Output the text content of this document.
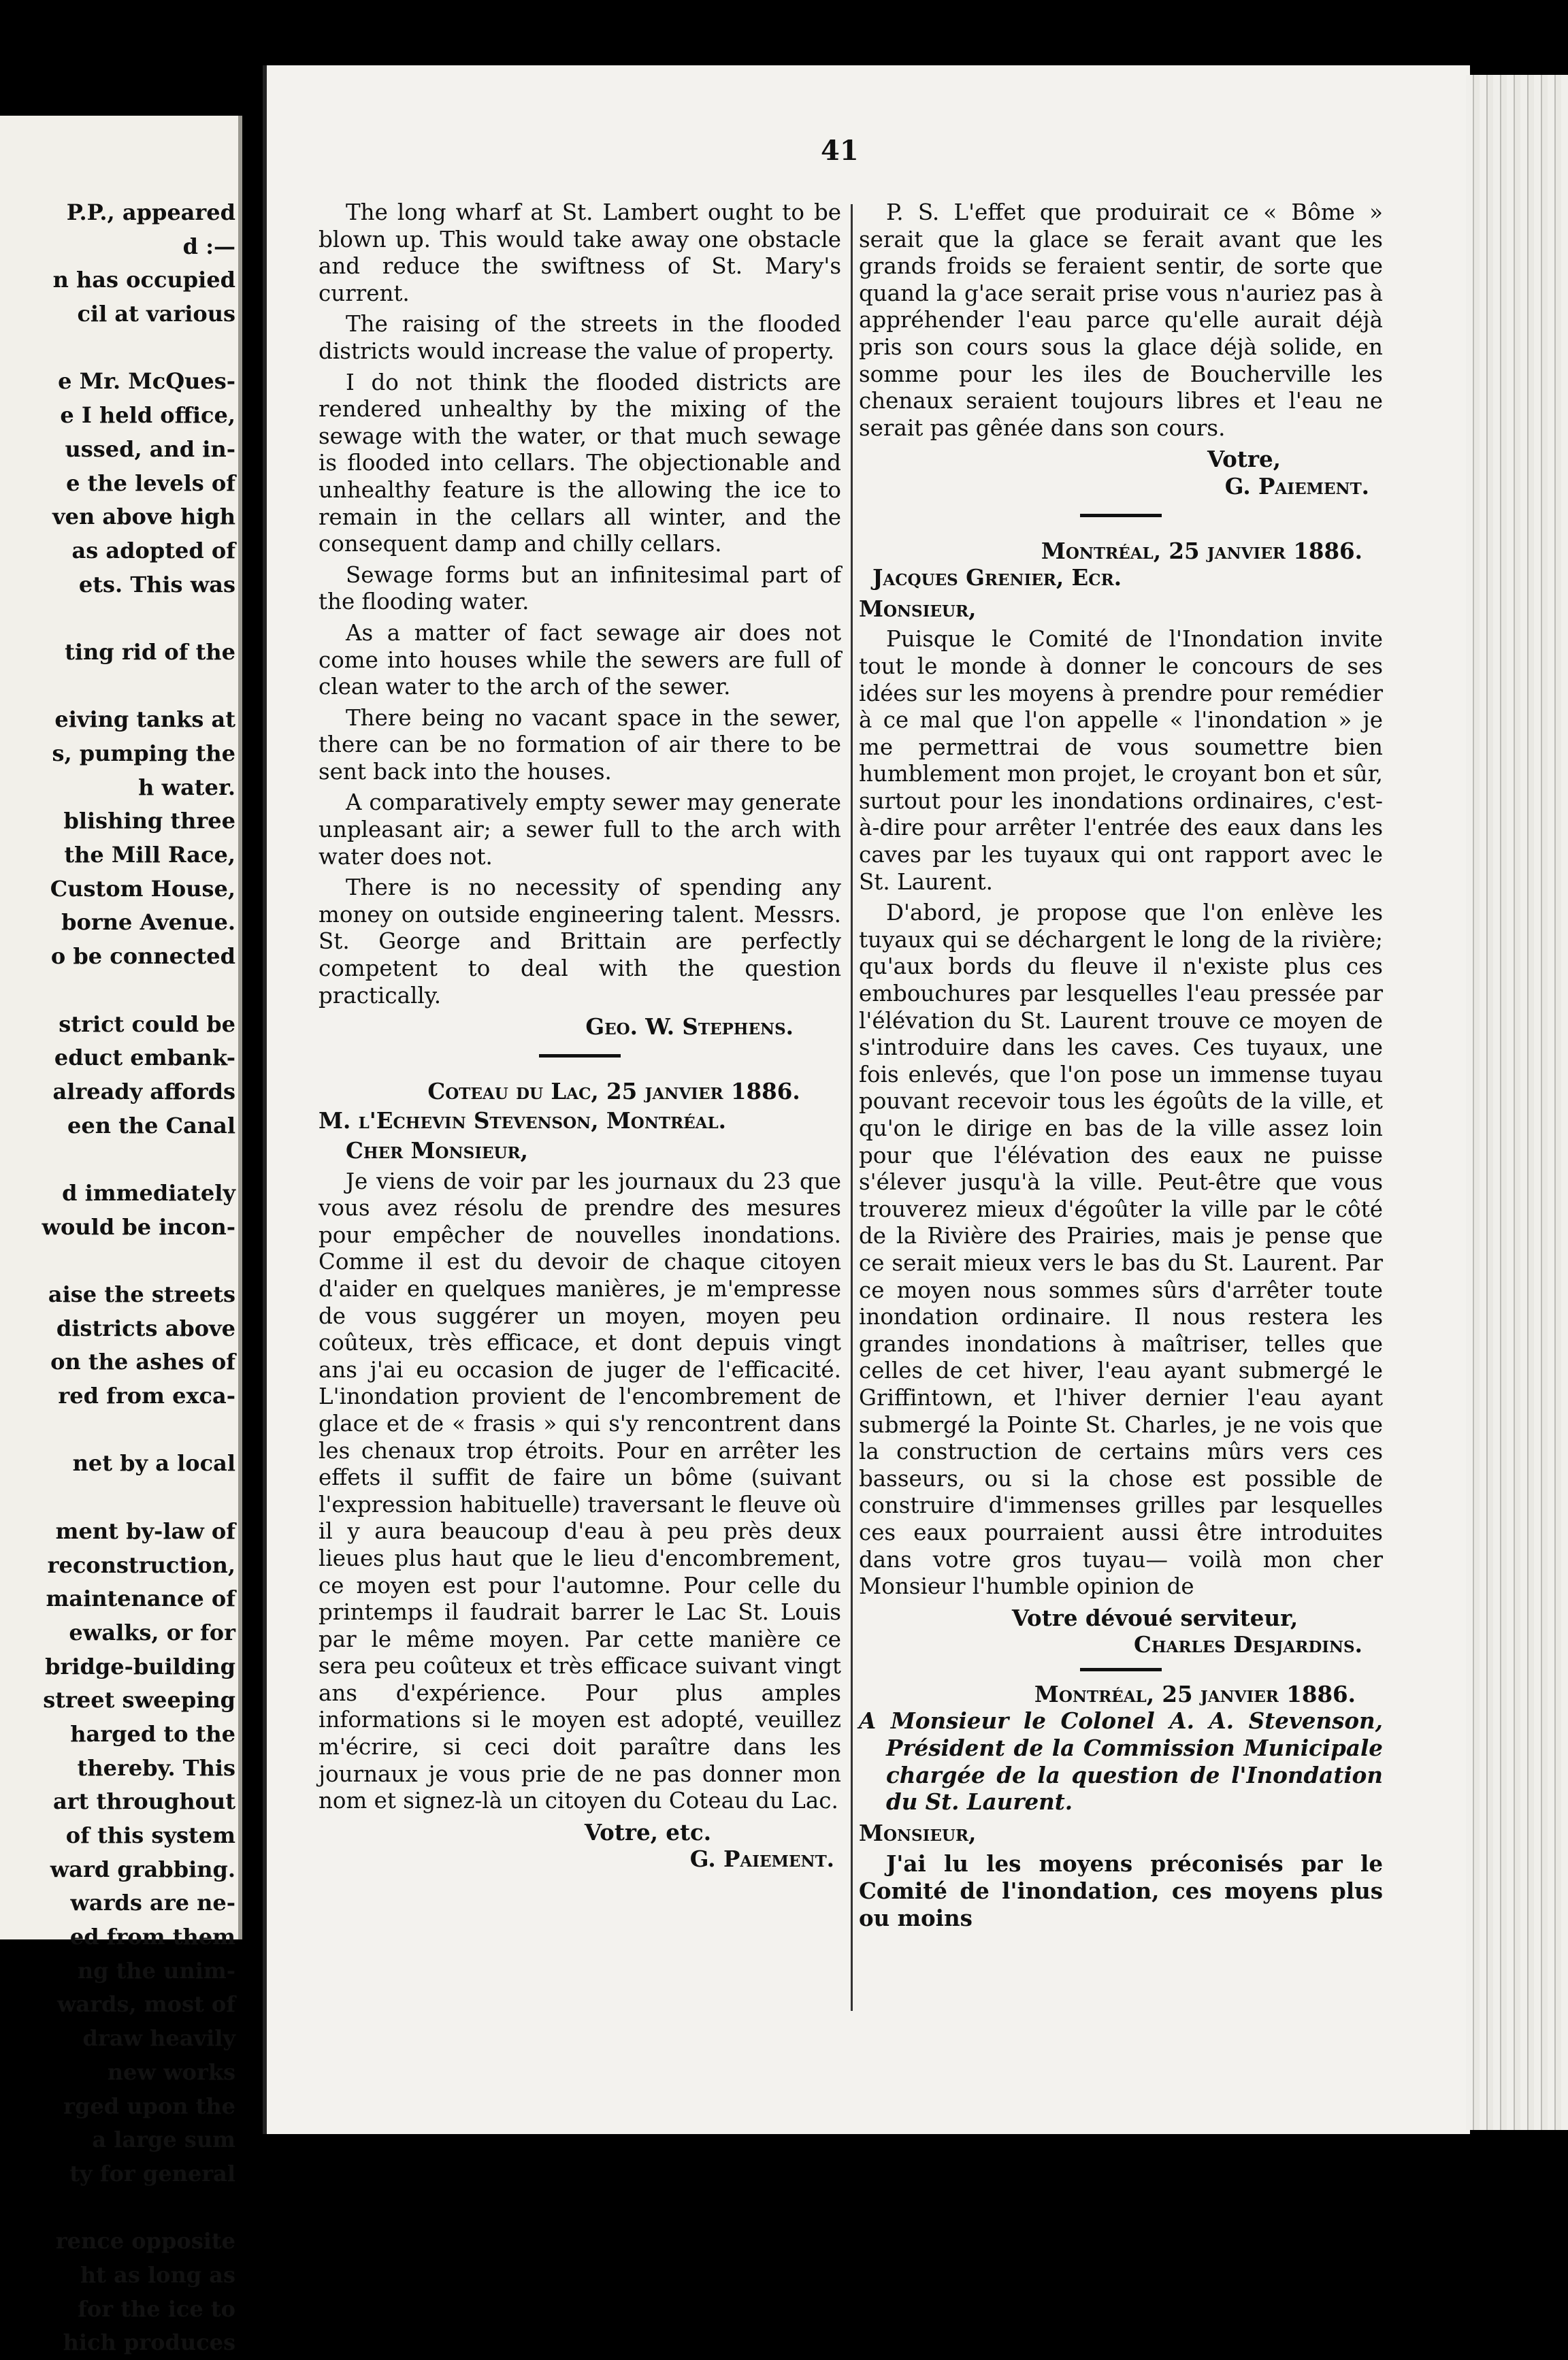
P.P., appeared
d :—
n has occupied
cil at various
e Mr. McQues-
e I held office,
ussed, and in-
e the levels of
ven above high
as adopted of
ets. This was
ting rid of the
eiving tanks at
s, pumping the
h water.
blishing three
the Mill Race,
Custom House,
borne Avenue.
o be connected
strict could be
educt embank-
already affords
een the Canal
d immediately
would be incon-
aise the streets
districts above
on the ashes of
red from exca-
net by a local
ment by-law of
reconstruction,
maintenance of
ewalks, or for
bridge-building
street sweeping
harged to the
thereby. This
art throughout
of this system
ward grabbing.
wards are ne-
ed from them
ng the unim-
wards, most of
draw heavily
new works
rged upon the
a large sum
ty for general
rence opposite
ht as long as
for the ice to
hich produces
41

The long wharf at St. Lambert ought to be blown up. This would take away one obstacle and reduce the swiftness of St. Mary's current.

The raising of the streets in the flooded districts would increase the value of property.

I do not think the flooded districts are rendered unhealthy by the mixing of the sewage with the water, or that much sewage is flooded into cellars. The objectionable and unhealthy feature is the allowing the ice to remain in the cellars all winter, and the consequent damp and chilly cellars.

Sewage forms but an infinitesimal part of the flooding water.

As a matter of fact sewage air does not come into houses while the sewers are full of clean water to the arch of the sewer.

There being no vacant space in the sewer, there can be no formation of air there to be sent back into the houses.

A comparatively empty sewer may generate unpleasant air; a sewer full to the arch with water does not.

There is no necessity of spending any money on outside engineering talent. Messrs. St. George and Brittain are perfectly competent to deal with the question practically.

Geo. W. Stephens.

Coteau du Lac, 25 janvier 1886.

M. l'Echevin Stevenson, Montréal.

Cher Monsieur,

Je viens de voir par les journaux du 23 que vous avez résolu de prendre des mesures pour empêcher de nouvelles inondations. Comme il est du devoir de chaque citoyen d'aider en quelques manières, je m'empresse de vous suggérer un moyen, moyen peu coûteux, très efficace, et dont depuis vingt ans j'ai eu occasion de juger de l'efficacité. L'inondation provient de l'encombrement de glace et de « frasis » qui s'y rencontrent dans les chenaux trop étroits. Pour en arrêter les effets il suffit de faire un bôme (suivant l'expression habituelle) traversant le fleuve où il y aura beaucoup d'eau à peu près deux lieues plus haut que le lieu d'encombrement, ce moyen est pour l'automne. Pour celle du printemps il faudrait barrer le Lac St. Louis par le même moyen. Par cette manière ce sera peu coûteux et très efficace suivant vingt ans d'expérience. Pour plus amples informations si le moyen est adopté, veuillez m'écrire, si ceci doit paraître dans les journaux je vous prie de ne pas donner mon nom et signez-là un citoyen du Coteau du Lac.

Votre, etc.

G. Paiement.

P. S. L'effet que produirait ce « Bôme » serait que la glace se ferait avant que les grands froids se feraient sentir, de sorte que quand la g'ace serait prise vous n'auriez pas à appréhender l'eau parce qu'elle aurait déjà pris son cours sous la glace déjà solide, en somme pour les iles de Boucherville les chenaux seraient toujours libres et l'eau ne serait pas gênée dans son cours.

Votre,

G. Paiement.

Montréal, 25 janvier 1886.

Jacques Grenier, Ecr.

Monsieur,

Puisque le Comité de l'Inondation invite tout le monde à donner le concours de ses idées sur les moyens à prendre pour remédier à ce mal que l'on appelle « l'inondation » je me permettrai de vous soumettre bien humblement mon projet, le croyant bon et sûr, surtout pour les inondations ordinaires, c'est-à-dire pour arrêter l'entrée des eaux dans les caves par les tuyaux qui ont rapport avec le St. Laurent.

D'abord, je propose que l'on enlève les tuyaux qui se déchargent le long de la rivière; qu'aux bords du fleuve il n'existe plus ces embouchures par lesquelles l'eau pressée par l'élévation du St. Laurent trouve ce moyen de s'introduire dans les caves. Ces tuyaux, une fois enlevés, que l'on pose un immense tuyau pouvant recevoir tous les égoûts de la ville, et qu'on le dirige en bas de la ville assez loin pour que l'élévation des eaux ne puisse s'élever jusqu'à la ville. Peut-être que vous trouverez mieux d'égoûter la ville par le côté de la Rivière des Prairies, mais je pense que ce serait mieux vers le bas du St. Laurent. Par ce moyen nous sommes sûrs d'arrêter toute inondation ordinaire. Il nous restera les grandes inondations à maîtriser, telles que celles de cet hiver, l'eau ayant submergé le Griffintown, et l'hiver dernier l'eau ayant submergé la Pointe St. Charles, je ne vois que la construction de certains mûrs vers ces basseurs, ou si la chose est possible de construire d'immenses grilles par lesquelles ces eaux pourraient aussi être introduites dans votre gros tuyau— voilà mon cher Monsieur l'humble opinion de

Votre dévoué serviteur,

Charles Desjardins.

Montréal, 25 janvier 1886.

A Monsieur le Colonel A. A. Stevenson, Président de la Commission Municipale chargée de la question de l'Inondation du St. Laurent.

Monsieur,

J'ai lu les moyens préconisés par le Comité de l'inondation, ces moyens plus ou moins
